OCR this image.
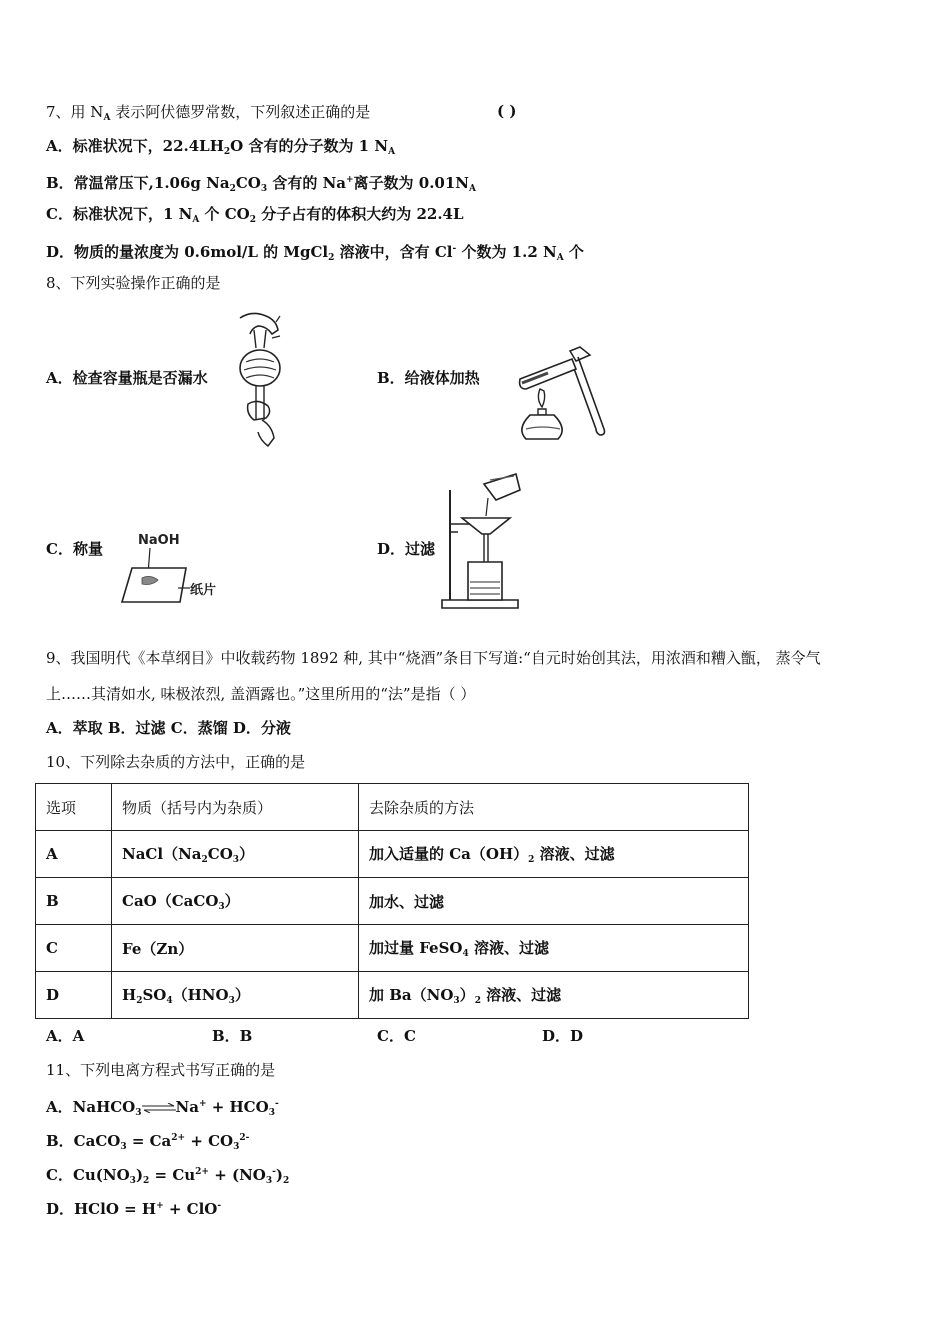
7、用 $N_A$ 表示阿伏德罗常数，下列叙述正确的是	( )
A．标准状况下，$22.4LH_2O$ 含有的分子数为 1 $N_A$
B．常温常压下,1.06g $Na_2CO_3$ 含有的 Na+离子数为 $0.01N_A$
C．标准状况下，1 $N_A$ 个 $CO_2$ 分子占有的体积大约为 22.4L
D．物质的量浓度为 0.6mol/L 的 MgCl$_2$ 溶液中，含有 Cl- 个数为 1.2 $N_A$ 个
8、下列实验操作正确的是
A．检查容量瓶是否漏水	B．给液体加热
C．称量	D．过滤
NaOH
纸片
9、我国明代《本草纲目》中收载药物 1892 种, 其中“烧酒”条目下写道:“自元时始创其法，用浓酒和糟入甑， 蒸令气
上……其清如水, 味极浓烈, 盖酒露也。”这里所用的“法”是指（ ）
A．萃取 B．过滤 C．蒸馏 D．分液
10、下列除去杂质的方法中，正确的是
选项	物质（括号内为杂质）	去除杂质的方法
A	$NaCl(Na_2CO_3)$	加入适量的 $Ca(OH)_2$ 溶液、过滤
B	CaO（CaCO$_3$）	加水、过滤
C	Fe（Zn）	加过量 FeSO$_4$ 溶液、过滤
D	$H_2SO_4(HNO_3)$	加 $Ba(NO_3)_2$ 溶液、过滤
A．A	B．B	C．C	D．D
11、下列电离方程式书写正确的是
A．NaHCO$_3$⇌Na+ + $HCO_3^-$
B．CaCO$_3$ = $Ca^{2+} + CO_3^{2-}$
C．$Cu(NO_3)_2 = Cu^{2+} + (NO_3^-)_2$
D．HClO = H+ + ClO-
